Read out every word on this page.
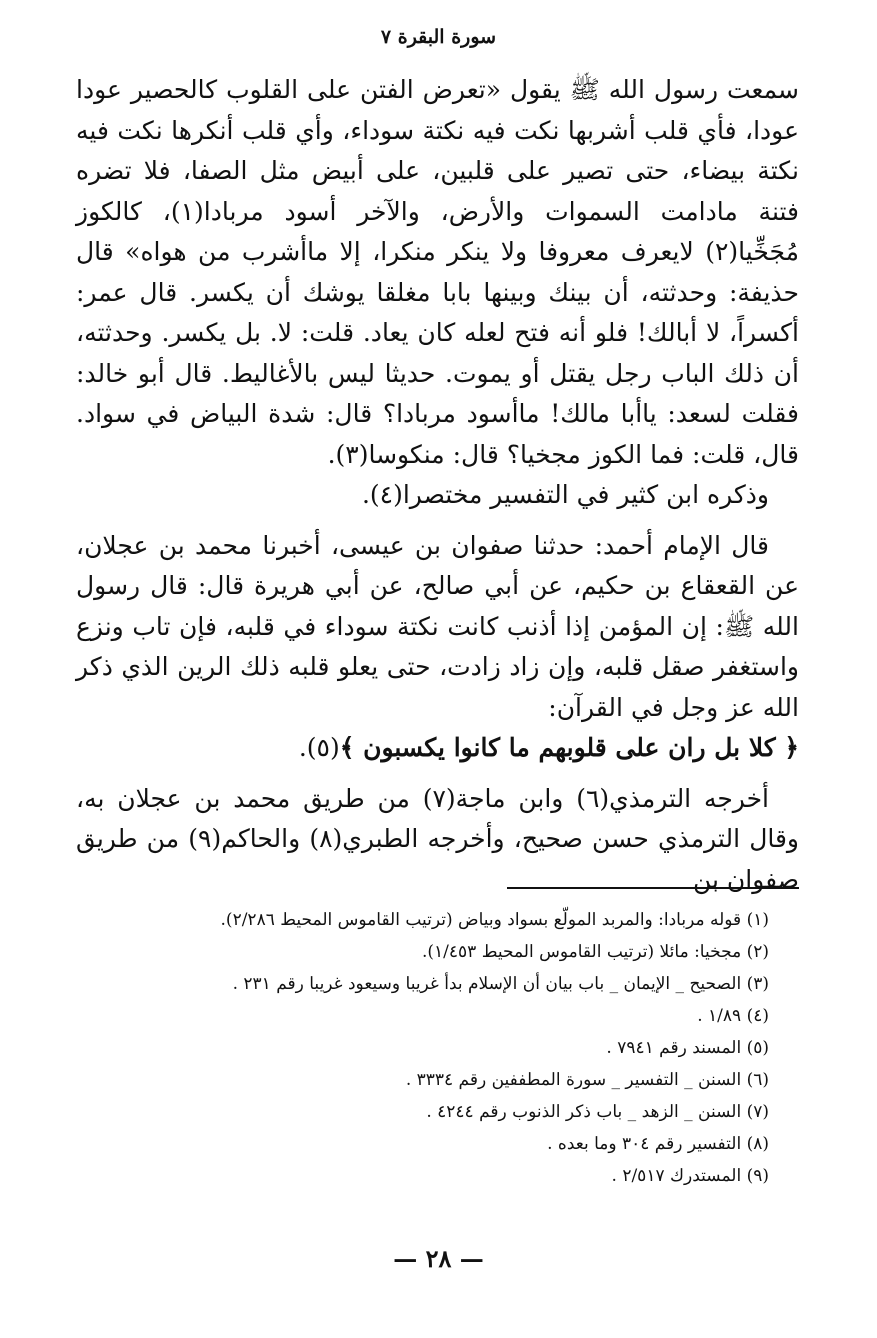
سورة البقرة ٧

سمعت رسول الله ﷺ يقول «تعرض الفتن على القلوب كالحصير عودا عودا، فأي قلب أشربها نكت فيه نكتة سوداء، وأي قلب أنكرها نكت فيه نكتة بيضاء، حتى تصير على قلبين، على أبيض مثل الصفا، فلا تضره فتنة مادامت السموات والأرض، والآخر أسود مربادا(١)، كالكوز مُجَخِّيا(٢) لايعرف معروفا ولا ينكر منكرا، إلا ماأشرب من هواه» قال حذيفة: وحدثته، أن بينك وبينها بابا مغلقا يوشك أن يكسر. قال عمر: أكسراً، لا أبالك! فلو أنه فتح لعله كان يعاد. قلت: لا. بل يكسر. وحدثته، أن ذلك الباب رجل يقتل أو يموت. حديثا ليس بالأغاليط. قال أبو خالد: فقلت لسعد: ياأبا مالك! ماأسود مربادا؟ قال: شدة البياض في سواد. قال، قلت: فما الكوز مجخيا؟ قال: منكوسا(٣).

وذكره ابن كثير في التفسير مختصرا(٤).

قال الإمام أحمد: حدثنا صفوان بن عيسى، أخبرنا محمد بن عجلان، عن القعقاع بن حكيم، عن أبي صالح، عن أبي هريرة قال: قال رسول الله ﷺ: إن المؤمن إذا أذنب كانت نكتة سوداء في قلبه، فإن تاب ونزع واستغفر صقل قلبه، وإن زاد زادت، حتى يعلو قلبه ذلك الرين الذي ذكر الله عز وجل في القرآن:

﴿ كلا بل ران على قلوبهم ما كانوا يكسبون ﴾(٥).

أخرجه الترمذي(٦) وابن ماجة(٧) من طريق محمد بن عجلان به، وقال الترمذي حسن صحيح، وأخرجه الطبري(٨) والحاكم(٩) من طريق صفوان بن

(١) قوله مربادا: والمربد المولّع بسواد وبياض (ترتيب القاموس المحيط ٢/٢٨٦).
(٢) مجخيا: مائلا (ترتيب القاموس المحيط ١/٤٥٣).
(٣) الصحيح _ الإيمان _ باب بيان أن الإسلام بدأ غريبا وسيعود غريبا رقم ٢٣١ .
(٤) ١/٨٩ .
(٥) المسند رقم ٧٩٤١ .
(٦) السنن _ التفسير _ سورة المطففين رقم ٣٣٣٤ .
(٧) السنن _ الزهد _ باب ذكر الذنوب رقم ٤٢٤٤ .
(٨) التفسير رقم ٣٠٤ وما بعده .
(٩) المستدرك ٢/٥١٧ .
— ٢٨ —
